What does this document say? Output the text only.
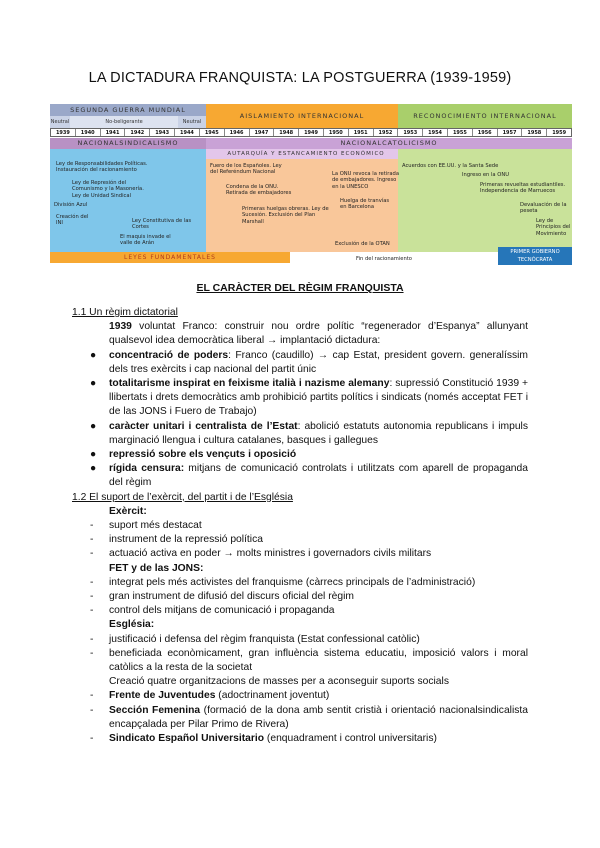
LA DICTADURA FRANQUISTA: LA POSTGUERRA (1939-1959)
SEGUNDA GUERRA MUNDIAL
Neutral	No-beligerante	Neutral
AISLAMIENTO INTERNACIONAL	RECONOCIMIENTO INTERNACIONAL
1939	1940	1941	1942	1943	1944	1945	1946	1947	1948	1949	1950	1951	1952	1953	1954	1955	1956	1957	1958	1959
NACIONALSINDICALISMO	NACIONALCATOLICISMO
AUTARQUÍA Y ESTANCAMIENTO ECONÓMICO
Ley de Responsabilidades Políticas. Instauración del racionamiento
Ley de Represión del Comunismo y la Masonería. Ley de Unidad Sindical
División Azul
Creación del INI	Ley Constitutiva de las Cortes
El maquis invade el valle de Arán
Fuero de los Españoles. Ley del Referéndum Nacional
Condena de la ONU. Retirada de embajadores
Primeras huelgas obreras. Ley de Sucesión. Exclusión del Plan Marshall
La ONU revoca la retirada de embajadores. Ingreso en la UNESCO
Huelga de tranvías en Barcelona
Exclusión de la OTAN
Fin del racionamiento
Acuerdos con EE.UU. y la Santa Sede
Ingreso en la ONU
Primeras revueltas estudiantiles. Independencia de Marruecos
Devaluación de la peseta
Ley de Principios del Movimiento
LEYES FUNDAMENTALES
PRIMER GOBIERNO TECNÓCRATA
EL CARÀCTER DEL RÈGIM FRANQUISTA
1.1 Un règim dictatorial
1939 voluntat Franco: construir nou ordre polític “regenerador d’Espanya” allunyant qualsevol idea democràtica liberal → implantació dictadura:
● concentració de poders: Franco (caudillo) → cap Estat, president govern. generalíssim dels tres exèrcits i cap nacional del partit únic
● totalitarisme inspirat en feixisme italià i nazisme alemany: supressió Constitució 1939 + llibertats i drets democràtics amb prohibició partits polítics i sindicats (només acceptat FET i de las JONS i Fuero de Trabajo)
● caràcter unitari i centralista de l’Estat: abolició estatuts autonomia republicans i impuls marginació llengua i cultura catalanes, basques i gallegues
● repressió sobre els vençuts i oposició
● rígida censura: mitjans de comunicació controlats i utilitzats com aparell de propaganda del règim
1.2 El suport de l’exèrcit, del partit i de l’Església
Exèrcit:
- suport més destacat
- instrument de la repressió política
- actuació activa en poder → molts ministres i governadors civils militars
FET y de las JONS:
- integrat pels més activistes del franquisme (càrrecs principals de l’administració)
- gran instrument de difusió del discurs oficial del règim
- control dels mitjans de comunicació i propaganda
Església:
- justificació i defensa del règim franquista (Estat confessional catòlic)
- beneficiada econòmicament, gran influència sistema educatiu, imposició valors i moral catòlics a la resta de la societat
Creació quatre organitzacions de masses per a aconseguir suports socials
- Frente de Juventudes (adoctrinament joventut)
- Sección Femenina (formació de la dona amb sentit cristià i orientació nacionalsindicalista encapçalada per Pilar Primo de Rivera)
- Sindicato Español Universitario (enquadrament i control universitaris)
